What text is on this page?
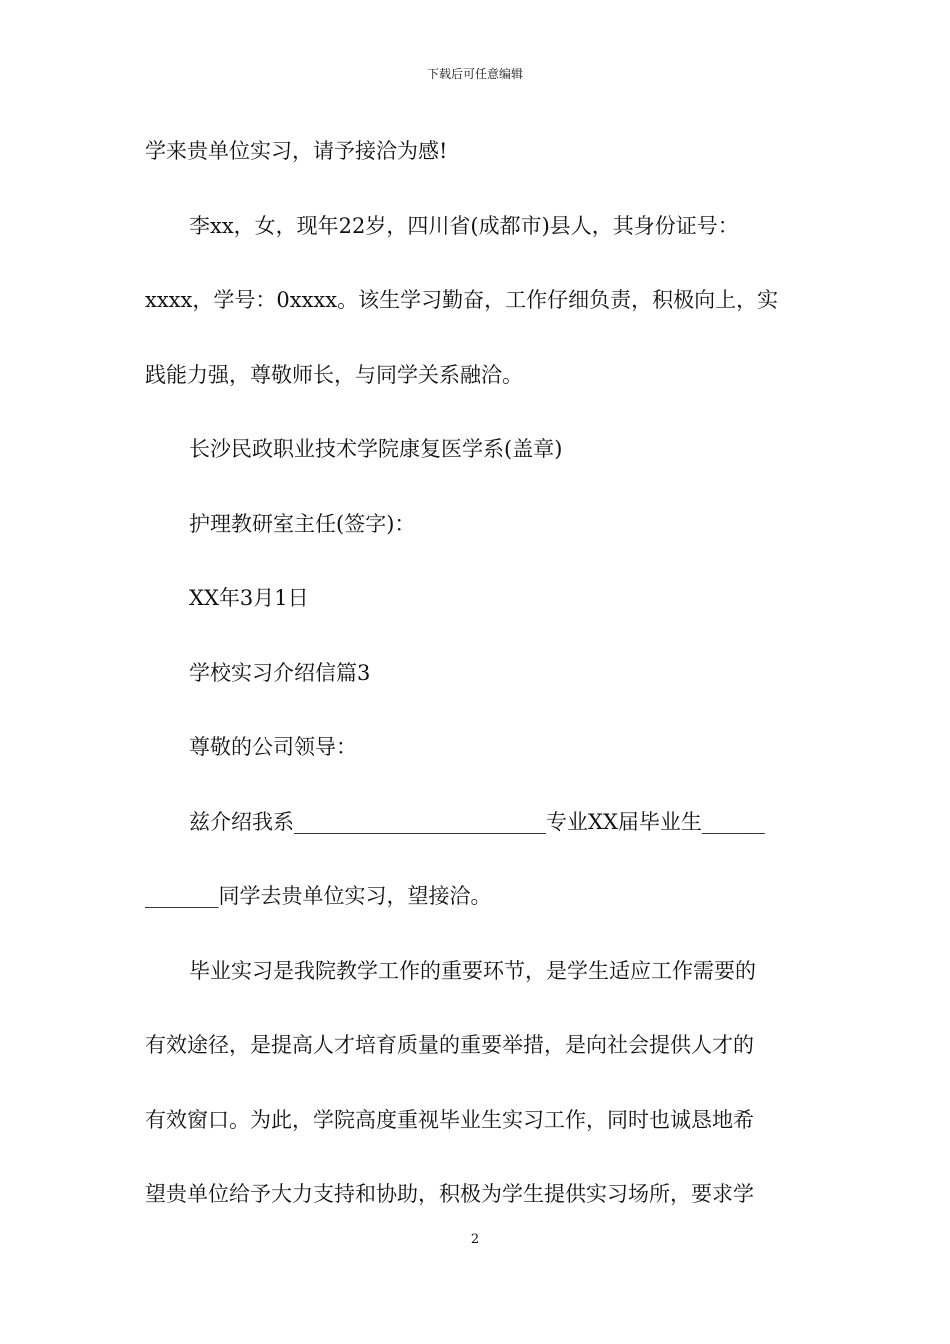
下载后可任意编辑
学来贵单位实习，请予接洽为感!
李xx，女，现年22岁，四川省(成都市)县人，其身份证号：
xxxx，学号：0xxxx。该生学习勤奋，工作仔细负责，积极向上，实
践能力强，尊敬师长，与同学关系融洽。
长沙民政职业技术学院康复医学系(盖章)
护理教研室主任(签字)：
XX年3月1日
学校实习介绍信篇3
尊敬的公司领导：
兹介绍我系________________________专业XX届毕业生______
_______同学去贵单位实习，望接洽。
毕业实习是我院教学工作的重要环节，是学生适应工作需要的
有效途径，是提高人才培育质量的重要举措，是向社会提供人才的
有效窗口。为此，学院高度重视毕业生实习工作，同时也诚恳地希
望贵单位给予大力支持和协助，积极为学生提供实习场所，要求学
2
